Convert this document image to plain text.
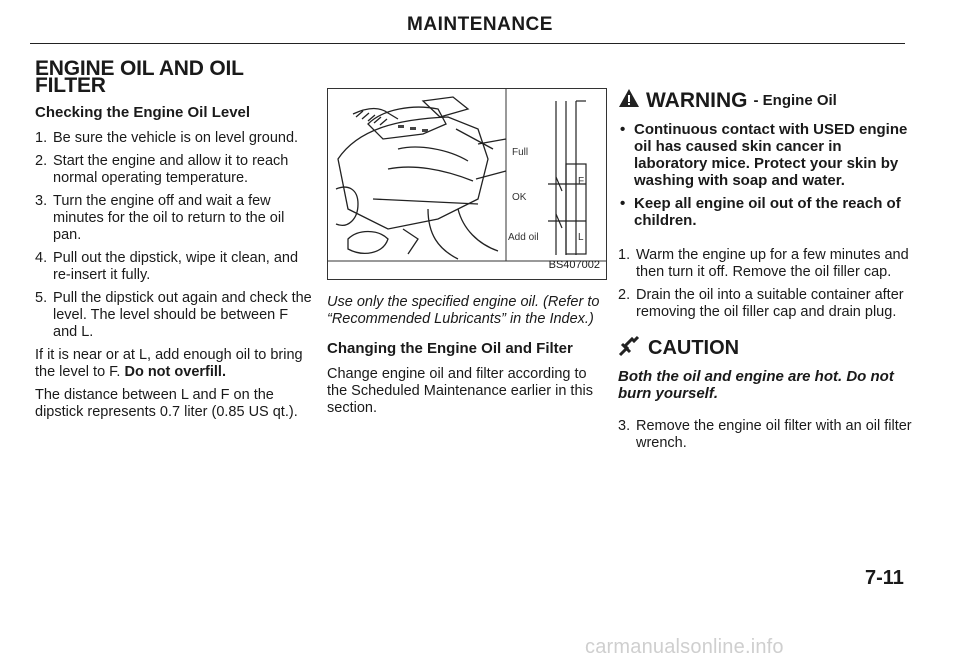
MAINTENANCE
ENGINE OIL AND OIL FILTER
Checking the Engine Oil Level
1. Be sure the vehicle is on level ground.
2. Start the engine and allow it to reach normal operating temperature.
3. Turn the engine off and wait a few minutes for the oil to return to the oil pan.
4. Pull out the dipstick, wipe it clean, and re-insert it fully.
5. Pull the dipstick out again and check the level. The level should be between F and L.

If it is near or at L, add enough oil to bring the level to F. Do not overfill.

The distance between L and F on the dipstick represents 0.7 liter (0.85 US qt.).

Full
OK
Add oil
F
L
BS407002

Use only the specified engine oil. (Refer to “Recommended Lubricants” in the Index.)

Changing the Engine Oil and Filter

Change engine oil and filter according to the Scheduled Maintenance earlier in this section.

WARNING - Engine Oil
• Continuous contact with USED engine oil has caused skin cancer in laboratory mice. Protect your skin by washing with soap and water.
• Keep all engine oil out of the reach of children.
1. Warm the engine up for a few minutes and then turn it off. Remove the oil filler cap.
2. Drain the oil into a suitable container after removing the oil filler cap and drain plug.
CAUTION
Both the oil and engine are hot. Do not burn yourself.
3. Remove the engine oil filter with an oil filter wrench.
7-11
carmanualsonline.info
